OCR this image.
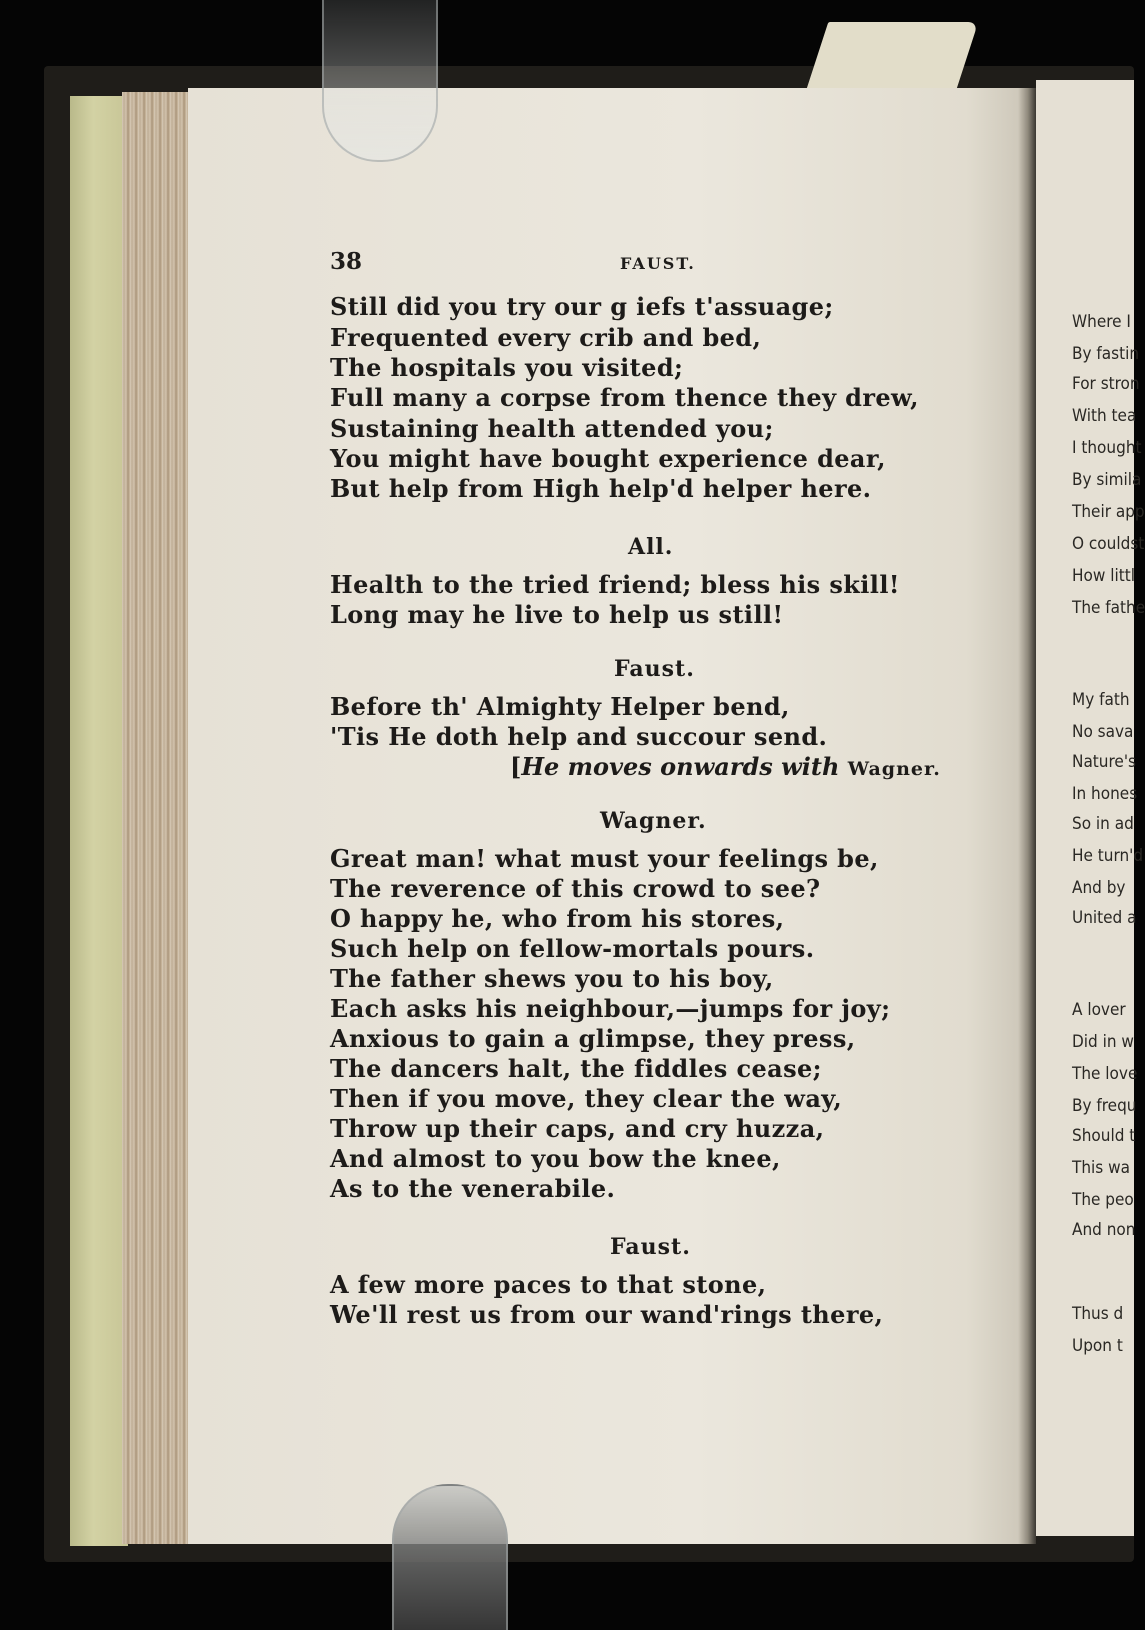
38	FAUST.
Still did you try our g iefs t'assuage;
Frequented every crib and bed,
The hospitals you visited;
Full many a corpse from thence they drew,
Sustaining health attended you;
You might have bought experience dear,
But help from High help'd helper here.
All.
Health to the tried friend; bless his skill!
Long may he live to help us still!
Faust.
Before th' Almighty Helper bend,
'Tis He doth help and succour send.
[He moves onwards with Wagner.
Wagner.
Great man! what must your feelings be,
The reverence of this crowd to see?
O happy he, who from his stores,
Such help on fellow-mortals pours.
The father shews you to his boy,
Each asks his neighbour,—jumps for joy;
Anxious to gain a glimpse, they press,
The dancers halt, the fiddles cease;
Then if you move, they clear the way,
Throw up their caps, and cry huzza,
And almost to you bow the knee,
As to the venerabile.
Faust.
A few more paces to that stone,
We'll rest us from our wand'rings there,
Where I
By fastin
For stron
With tea
I thought
By simila
Their app
O couldst
How littl
The fathe
My fath
No sava
Nature's
In hones
So in ad
He turn'd
And by
United a
A lover
Did in w
The love
By frequ
Should t
This wa
The peo
And non
Thus d
Upon t
